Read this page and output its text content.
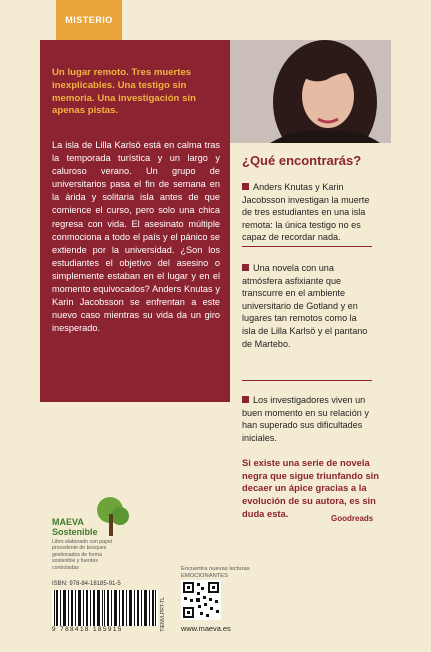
MISTERIO
Un lugar remoto. Tres muertes inexplicables. Una testigo sin memoria. Una investigación sin apenas pistas.
La isla de Lilla Karlsö está en calma tras la temporada turística y un largo y caluroso verano. Un grupo de universitarios pasa el fin de semana en la árida y solitaria isla antes de que comience el curso, pero solo una chica regresa con vida. El asesinato múltiple conmociona a todo el país y el pánico se extiende por la universidad. ¿Son los estudiantes el objetivo del asesino o simplemente estaban en el lugar y en el momento equivocados? Anders Knutas y Karin Jacobsson se enfrentan a este nuevo caso mientras su vida da un giro inesperado.
¿Qué encontrarás?
Anders Knutas y Karin Jacobsson investigan la muerte de tres estudiantes en una isla remota: la única testigo no es capaz de recordar nada.
Una novela con una atmósfera asfixiante que transcurre en el ambiente universitario de Gotland y en lugares tan remotos como la isla de Lilla Karlsö y el pantano de Martebo.
Los investigadores viven un buen momento en su relación y han superado sus dificultades iniciales.
Si existe una serie de novela negra que sigue triunfando sin decaer un ápice gracias a la evolución de su autora, es sin duda esta.	Goodreads
MAEVA
Sostenible
Libro elaborado con papel procedente de bosques gestionados de forma sostenible y fuentes controladas
ISBN: 978-84-18185-91-5
9 788418 185915	TIENVLPRT-TL
Encuentra nuevas lecturas EMOCIONANTES
www.maeva.es
